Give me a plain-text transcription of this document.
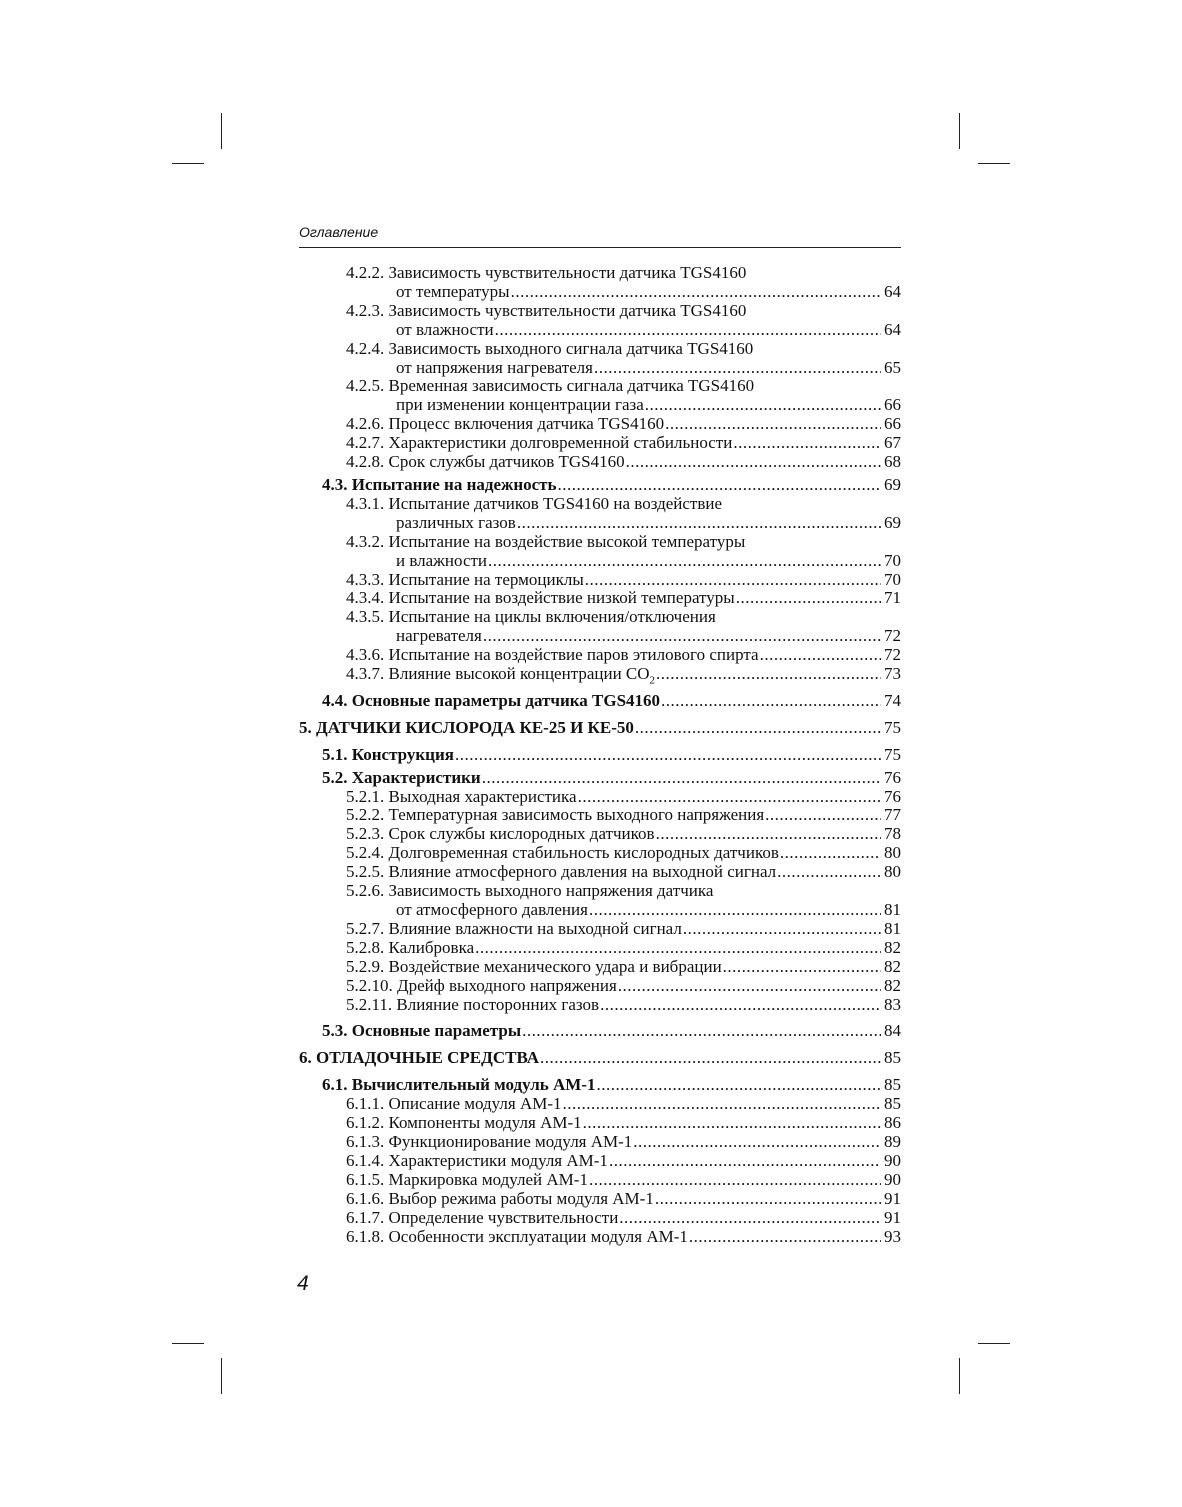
Оглавление
4.2.2. Зависимость чувствительности датчика TGS4160
от температуры .....	64
4.2.3. Зависимость чувствительности датчика TGS4160
от влажности .....	64
4.2.4. Зависимость выходного сигнала датчика TGS4160
от напряжения нагревателя .....	65
4.2.5. Временная зависимость сигнала датчика TGS4160
при изменении концентрации газа .....	66
4.2.6. Процесс включения датчика TGS4160 .....	66
4.2.7. Характеристики долговременной стабильности .....	67
4.2.8. Срок службы датчиков TGS4160 .....	68
4.3. Испытание на надежность .....	69
4.3.1. Испытание датчиков TGS4160 на воздействие
различных газов .....	69
4.3.2. Испытание на воздействие высокой температуры
и влажности .....	70
4.3.3. Испытание на термоциклы .....	70
4.3.4. Испытание на воздействие низкой температуры .....	71
4.3.5. Испытание на циклы включения/отключения
нагревателя .....	72
4.3.6. Испытание на воздействие паров этилового спирта .....	72
4.3.7. Влияние высокой концентрации $CO_2$ .....	73
4.4. Основные параметры датчика TGS4160 .....	74
5. ДАТЧИКИ КИСЛОРОДА КЕ-25 И КЕ-50 .....	75
5.1. Конструкция .....	75
5.2. Характеристики .....	76
5.2.1. Выходная характеристика .....	76
5.2.2. Температурная зависимость выходного напряжения .....	77
5.2.3. Срок службы кислородных датчиков .....	78
5.2.4. Долговременная стабильность кислородных датчиков .....	80
5.2.5. Влияние атмосферного давления на выходной сигнал .....	80
5.2.6. Зависимость выходного напряжения датчика
от атмосферного давления .....	81
5.2.7. Влияние влажности на выходной сигнал .....	81
5.2.8. Калибровка .....	82
5.2.9. Воздействие механического удара и вибрации .....	82
5.2.10. Дрейф выходного напряжения .....	82
5.2.11. Влияние посторонних газов .....	83
5.3. Основные параметры .....	84
6. ОТЛАДОЧНЫЕ СРЕДСТВА .....	85
6.1. Вычислительный модуль AM-1 .....	85
6.1.1. Описание модуля AM-1 .....	85
6.1.2. Компоненты модуля AM-1 .....	86
6.1.3. Функционирование модуля AM-1 .....	89
6.1.4. Характеристики модуля AM-1 .....	90
6.1.5. Маркировка модулей AM-1 .....	90
6.1.6. Выбор режима работы модуля AM-1 .....	91
6.1.7. Определение чувствительности .....	91
6.1.8. Особенности эксплуатации модуля AM-1 .....	93
4
